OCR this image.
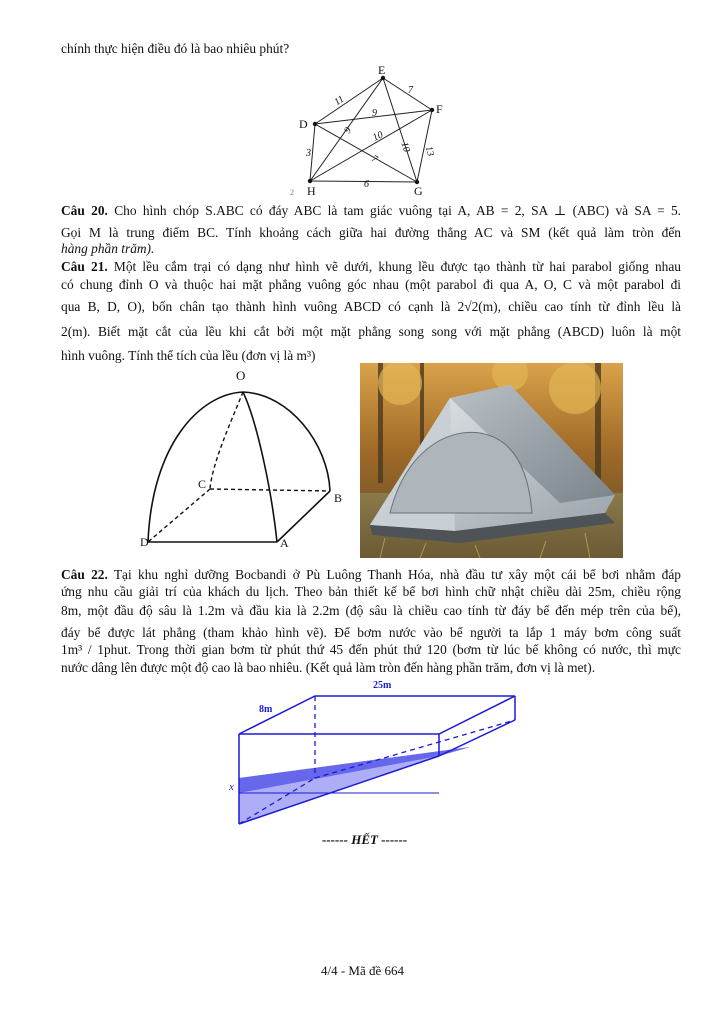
chính thực hiện điều đó là bao nhiêu phút?
E
F
D
H	G
11
7
9
9 10
10
3	7
13
6
2
Câu 20. Cho hình chóp S.ABC có đáy ABC là tam giác vuông tại A, AB = 2, SA ⊥ (ABC) và SA = 5.
Gọi M là trung điểm BC. Tính khoảng cách giữa hai đường thẳng AC và SM (kết quả làm tròn đến
hàng phần trăm).
Câu 21. Một lều cắm trại có dạng như hình vẽ dưới, khung lều được tạo thành từ hai parabol giống nhau
có chung đỉnh O và thuộc hai mặt phẳng vuông góc nhau (một parabol đi qua A, O, C và một parabol đi
qua B, D, O), bốn chân tạo thành hình vuông ABCD có cạnh là 2√2(m), chiều cao tính từ đỉnh lều là
2(m). Biết mặt cắt của lều khi cắt bởi một mặt phẳng song song với mặt phẳng (ABCD) luôn là một
hình vuông. Tính thể tích của lều (đơn vị là m³)
O
C
B
A
D
Câu 22. Tại khu nghỉ dưỡng Bocbandi ở Pù Luông Thanh Hóa, nhà đầu tư xây một cái bể bơi nhằm đáp
ứng nhu cầu giải trí của khách du lịch. Theo bản thiết kế bể bơi hình chữ nhật chiều dài 25m, chiều rộng
8m, một đầu độ sâu là 1.2m và đầu kia là 2.2m (độ sâu là chiều cao tính từ đáy bể đến mép trên của bể),
đáy bể được lát phẳng (tham khảo hình vẽ). Để bơm nước vào bể người ta lắp 1 máy bơm công suất
1m³ / 1phut. Trong thời gian bơm từ phút thứ 45 đến phút thứ 120 (bơm từ lúc bể không có nước, thì mực
nước dâng lên được một độ cao là bao nhiêu. (Kết quả làm tròn đến hàng phần trăm, đơn vị là met).
25m
8m
x
------ HẾT ------
4/4 - Mã đề 664
